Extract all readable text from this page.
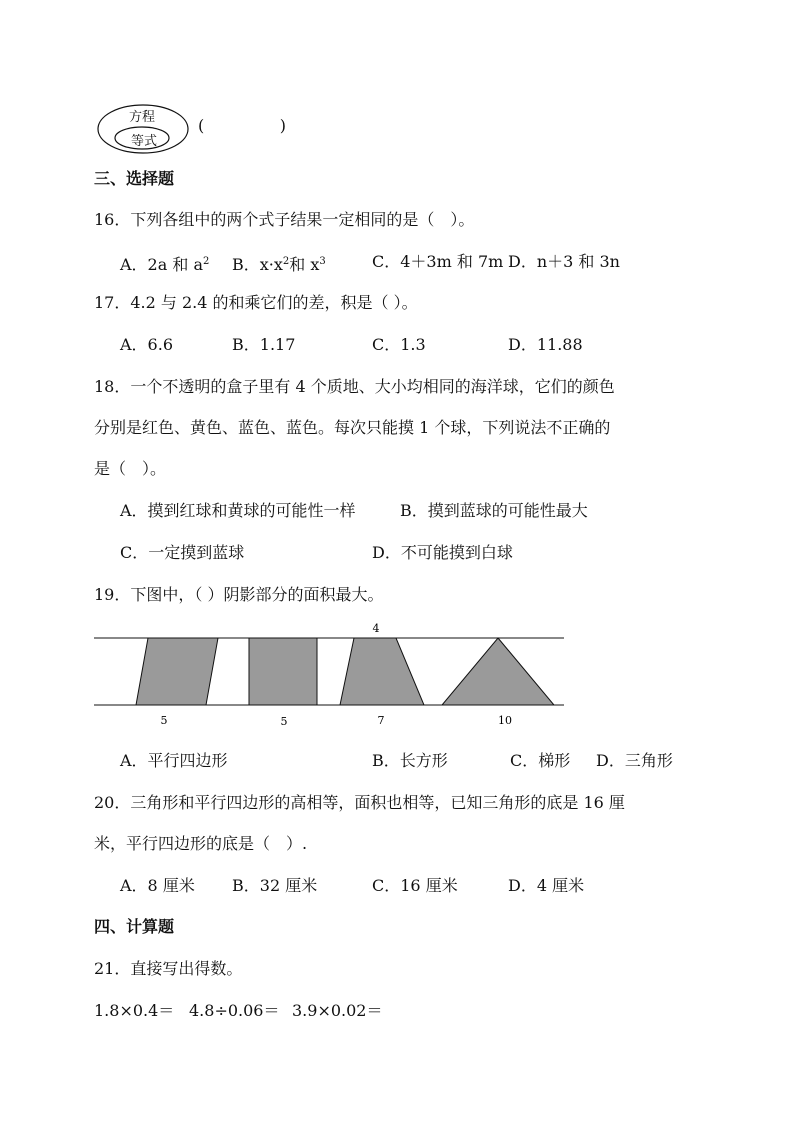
方程
等式
(	)
三、选择题
16．下列各组中的两个式子结果一定相同的是（　）。
A．2a 和 $a^2$ B．$x\cdot x^2$和 $x^3$	C．4＋3m 和 7m D．n＋3 和 3n
17．4.2 与 2.4 的和乘它们的差，积是（ ）。
A．6.6	B．1.17	C．1.3	D．11.88
18．一个不透明的盒子里有 4 个质地、大小均相同的海洋球，它们的颜色
分别是红色、黄色、蓝色、蓝色。每次只能摸 1 个球，下列说法不正确的
是（　）。
A．摸到红球和黄球的可能性一样	B．摸到蓝球的可能性最大
C．一定摸到蓝球	D．不可能摸到白球
19．下图中，（ ）阴影部分的面积最大。
4
5	5	7	10
A．平行四边形	B．长方形	C．梯形 D．三角形
20．三角形和平行四边形的高相等，面积也相等，已知三角形的底是 16 厘
米，平行四边形的底是（　）.
A．8 厘米 B．32 厘米	C．16 厘米	D．4 厘米
四、计算题
21．直接写出得数。
1.8×0.4＝ 4.8÷0.06＝ 3.9×0.02＝
